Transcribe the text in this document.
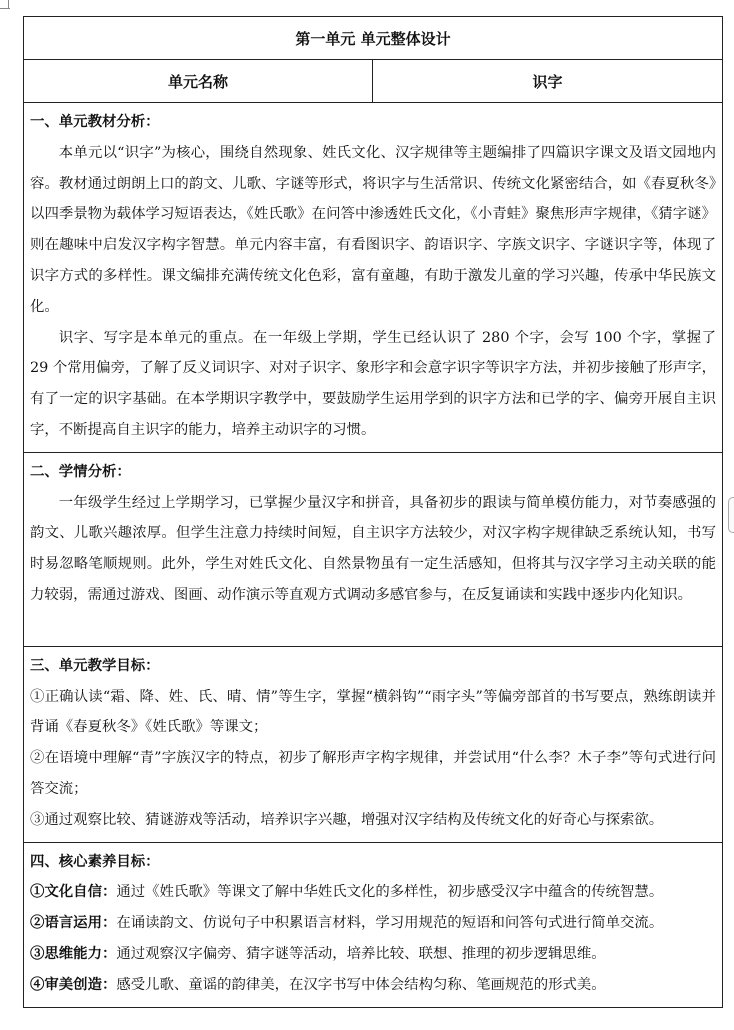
第一单元 单元整体设计
单元名称	识字

一、单元教材分析：

本单元以“识字”为核心，围绕自然现象、姓氏文化、汉字规律等主题编排了四篇识字课文及语文园地内容。教材通过朗朗上口的韵文、儿歌、字谜等形式，将识字与生活常识、传统文化紧密结合，如《春夏秋冬》以四季景物为载体学习短语表达，《姓氏歌》在问答中渗透姓氏文化，《小青蛙》聚焦形声字规律，《猜字谜》则在趣味中启发汉字构字智慧。单元内容丰富，有看图识字、韵语识字、字族文识字、字谜识字等，体现了识字方式的多样性。课文编排充满传统文化色彩，富有童趣，有助于激发儿童的学习兴趣，传承中华民族文化。

识字、写字是本单元的重点。在一年级上学期，学生已经认识了 280 个字，会写 100 个字，掌握了 29 个常用偏旁，了解了反义词识字、对对子识字、象形字和会意字识字等识字方法，并初步接触了形声字，有了一定的识字基础。在本学期识字教学中，要鼓励学生运用学到的识字方法和已学的字、偏旁开展自主识字，不断提高自主识字的能力，培养主动识字的习惯。

二、学情分析：

一年级学生经过上学期学习，已掌握少量汉字和拼音，具备初步的跟读与简单模仿能力，对节奏感强的韵文、儿歌兴趣浓厚。但学生注意力持续时间短，自主识字方法较少，对汉字构字规律缺乏系统认知，书写时易忽略笔顺规则。此外，学生对姓氏文化、自然景物虽有一定生活感知，但将其与汉字学习主动关联的能力较弱，需通过游戏、图画、动作演示等直观方式调动多感官参与，在反复诵读和实践中逐步内化知识。

三、单元教学目标：

①正确认读“霜、降、姓、氏、晴、情”等生字，掌握“横斜钩”“雨字头”等偏旁部首的书写要点，熟练朗读并背诵《春夏秋冬》《姓氏歌》等课文；

②在语境中理解“青”字族汉字的特点，初步了解形声字构字规律，并尝试用“什么李？木子李”等句式进行问答交流；

③通过观察比较、猜谜游戏等活动，培养识字兴趣，增强对汉字结构及传统文化的好奇心与探索欲。

四、核心素养目标：

①文化自信：通过《姓氏歌》等课文了解中华姓氏文化的多样性，初步感受汉字中蕴含的传统智慧。

②语言运用：在诵读韵文、仿说句子中积累语言材料，学习用规范的短语和问答句式进行简单交流。

③思维能力：通过观察汉字偏旁、猜字谜等活动，培养比较、联想、推理的初步逻辑思维。

④审美创造：感受儿歌、童谣的韵律美，在汉字书写中体会结构匀称、笔画规范的形式美。
